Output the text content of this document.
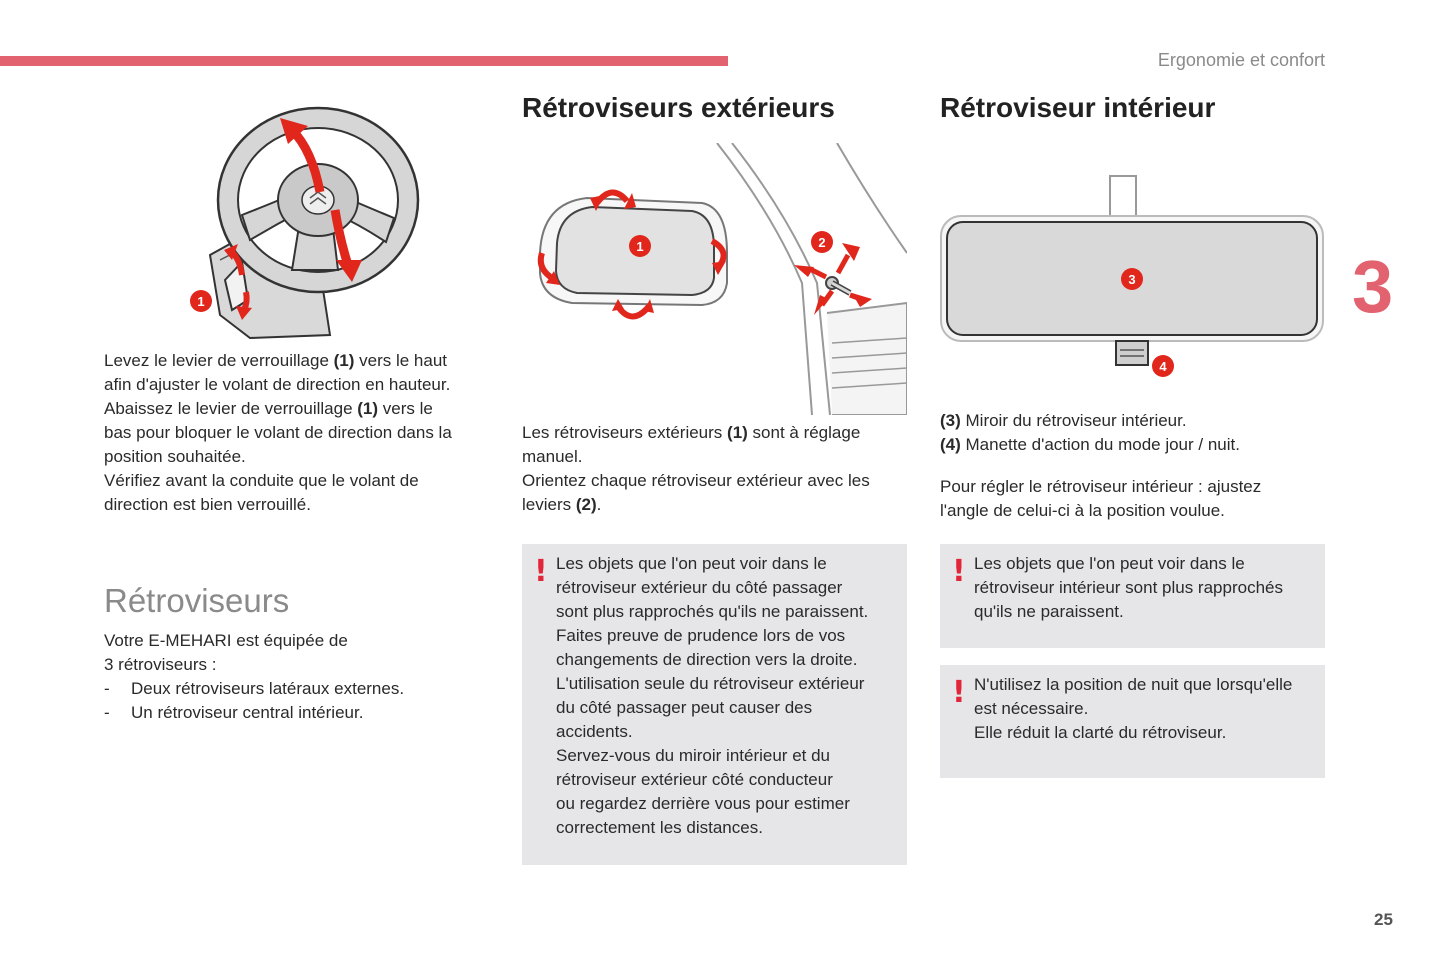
Ergonomie et confort
3
25
1

Levez le levier de verrouillage (1) vers le haut
afin d'ajuster le volant de direction en hauteur.
Abaissez le levier de verrouillage (1) vers le
bas pour bloquer le volant de direction dans la
position souhaitée.
Vérifiez avant la conduite que le volant de
direction est bien verrouillé.

Rétroviseurs

Votre E-MEHARI est équipée de
3 rétroviseurs :

- Deux rétroviseurs latéraux externes.
- Un rétroviseur central intérieur.
Rétroviseurs extérieurs
1	2

Les rétroviseurs extérieurs (1) sont à réglage
manuel.
Orientez chaque rétroviseur extérieur avec les
leviers (2).

! Les objets que l'on peut voir dans le
rétroviseur extérieur du côté passager
sont plus rapprochés qu'ils ne paraissent.
Faites preuve de prudence lors de vos
changements de direction vers la droite.
L'utilisation seule du rétroviseur extérieur
du côté passager peut causer des
accidents.
Servez-vous du miroir intérieur et du
rétroviseur extérieur côté conducteur
ou regardez derrière vous pour estimer
correctement les distances.

Rétroviseur intérieur
3
4

(3) Miroir du rétroviseur intérieur.
(4) Manette d'action du mode jour / nuit.

Pour régler le rétroviseur intérieur : ajustez
l'angle de celui-ci à la position voulue.

! Les objets que l'on peut voir dans le
rétroviseur intérieur sont plus rapprochés
qu'ils ne paraissent.

! N'utilisez la position de nuit que lorsqu'elle
est nécessaire.
Elle réduit la clarté du rétroviseur.
